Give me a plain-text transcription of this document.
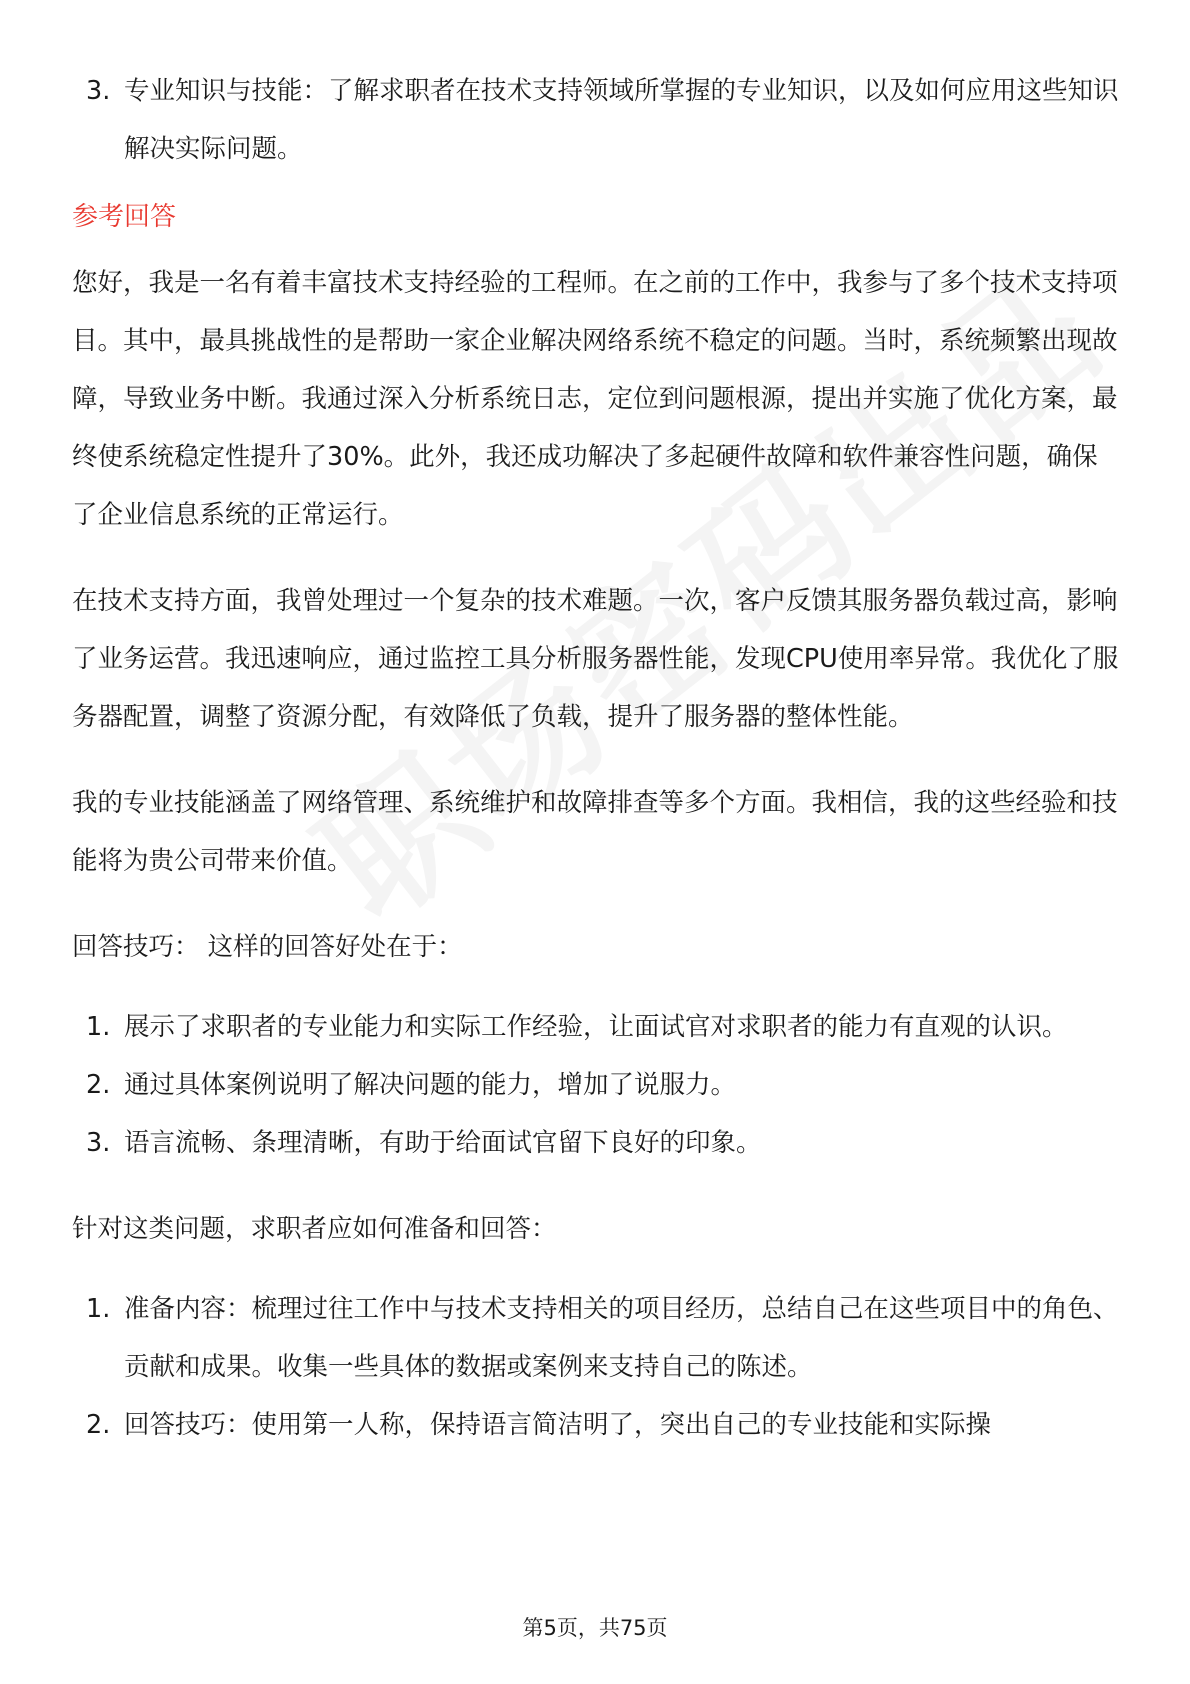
3. 专业知识与技能：了解求职者在技术支持领域所掌握的专业知识，以及如何应用这些知识解决实际问题。
参考回答

您好，我是一名有着丰富技术支持经验的工程师。在之前的工作中，我参与了多个技术支持项目。其中，最具挑战性的是帮助一家企业解决网络系统不稳定的问题。当时，系统频繁出现故障，导致业务中断。我通过深入分析系统日志，定位到问题根源，提出并实施了优化方案，最终使系统稳定性提升了30%。此外，我还成功解决了多起硬件故障和软件兼容性问题，确保了企业信息系统的正常运行。

在技术支持方面，我曾处理过一个复杂的技术难题。一次，客户反馈其服务器负载过高，影响了业务运营。我迅速响应，通过监控工具分析服务器性能，发现CPU使用率异常。我优化了服务器配置，调整了资源分配，有效降低了负载，提升了服务器的整体性能。

我的专业技能涵盖了网络管理、系统维护和故障排查等多个方面。我相信，我的这些经验和技能将为贵公司带来价值。

回答技巧： 这样的回答好处在于：

1. 展示了求职者的专业能力和实际工作经验，让面试官对求职者的能力有直观的认识。
2. 通过具体案例说明了解决问题的能力，增加了说服力。
3. 语言流畅、条理清晰，有助于给面试官留下良好的印象。

针对这类问题，求职者应如何准备和回答：

1. 准备内容：梳理过往工作中与技术支持相关的项目经历，总结自己在这些项目中的角色、贡献和成果。收集一些具体的数据或案例来支持自己的陈述。
2. 回答技巧：使用第一人称，保持语言简洁明了，突出自己的专业技能和实际操
第5页，共75页
